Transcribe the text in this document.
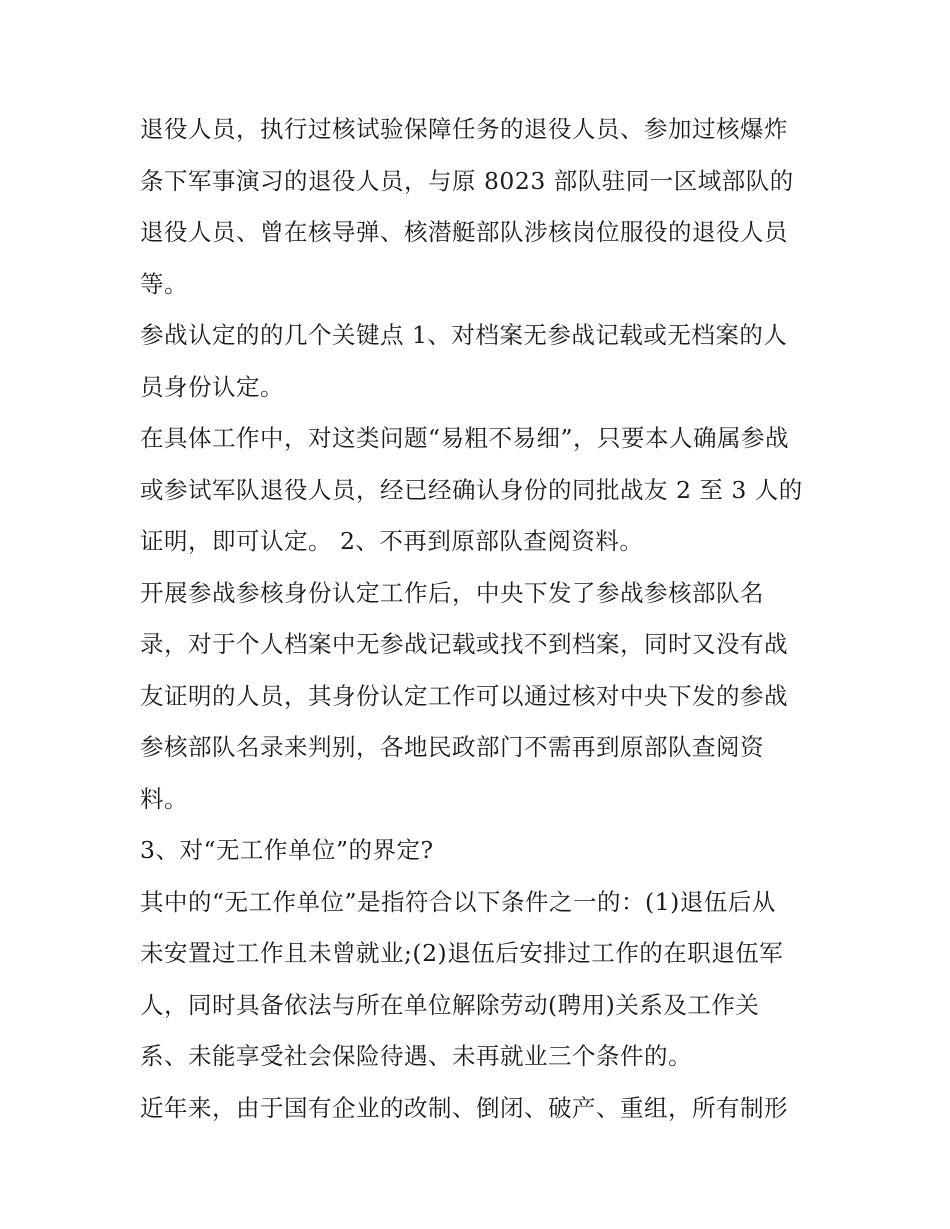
退役人员，执行过核试验保障任务的退役人员、参加过核爆炸
条下军事演习的退役人员，与原 8023 部队驻同一区域部队的
退役人员、曾在核导弹、核潜艇部队涉核岗位服役的退役人员
等。
参战认定的的几个关键点 1、对档案无参战记载或无档案的人
员身份认定。
在具体工作中，对这类问题“易粗不易细”，只要本人确属参战
或参试军队退役人员，经已经确认身份的同批战友 2 至 3 人的
证明，即可认定。 2、不再到原部队查阅资料。
开展参战参核身份认定工作后，中央下发了参战参核部队名
录，对于个人档案中无参战记载或找不到档案，同时又没有战
友证明的人员，其身份认定工作可以通过核对中央下发的参战
参核部队名录来判别，各地民政部门不需再到原部队查阅资
料。
3、对“无工作单位”的界定?
其中的“无工作单位”是指符合以下条件之一的：(1)退伍后从
未安置过工作且未曾就业;(2)退伍后安排过工作的在职退伍军
人，同时具备依法与所在单位解除劳动(聘用)关系及工作关
系、未能享受社会保险待遇、未再就业三个条件的。
近年来，由于国有企业的改制、倒闭、破产、重组，所有制形
